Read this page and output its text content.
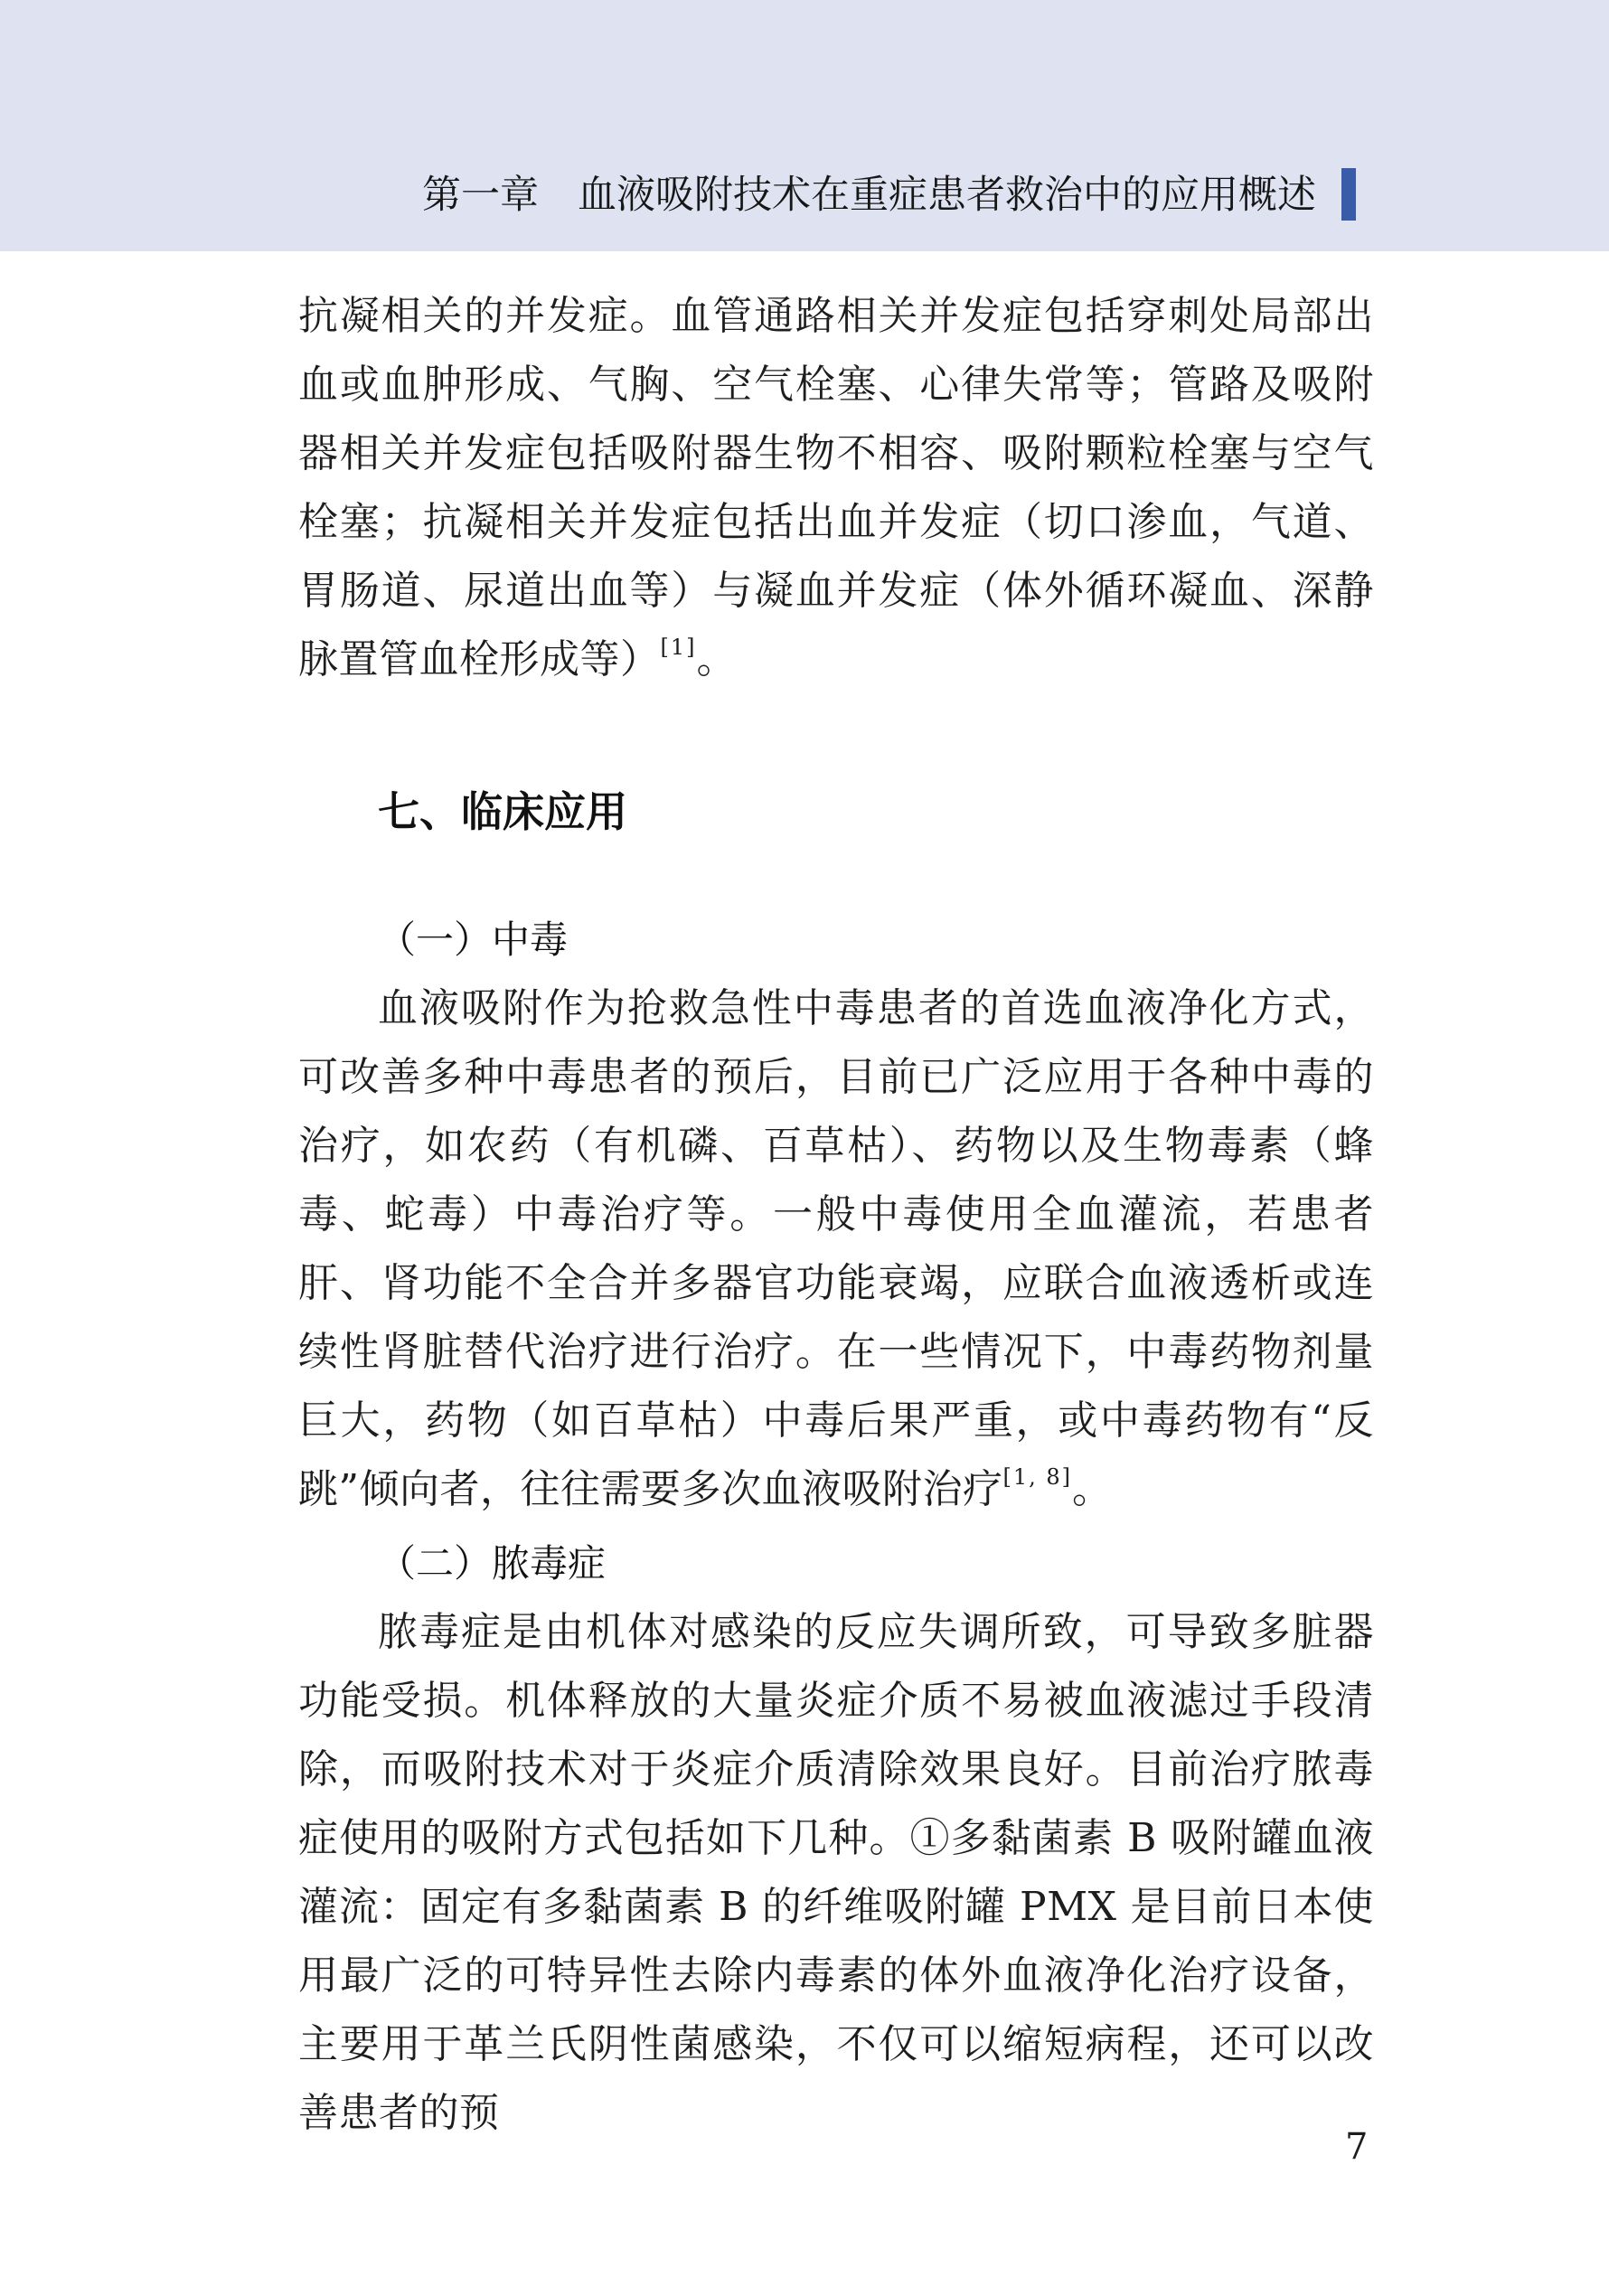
第一章　血液吸附技术在重症患者救治中的应用概述

抗凝相关的并发症。血管通路相关并发症包括穿刺处局部出血或血肿形成、气胸、空气栓塞、心律失常等；管路及吸附器相关并发症包括吸附器生物不相容、吸附颗粒栓塞与空气栓塞；抗凝相关并发症包括出血并发症（切口渗血，气道、胃肠道、尿道出血等）与凝血并发症（体外循环凝血、深静脉置管血栓形成等）[1]。

七、临床应用
（一）中毒

血液吸附作为抢救急性中毒患者的首选血液净化方式，可改善多种中毒患者的预后，目前已广泛应用于各种中毒的治疗，如农药（有机磷、百草枯）、药物以及生物毒素（蜂毒、蛇毒）中毒治疗等。一般中毒使用全血灌流，若患者肝、肾功能不全合并多器官功能衰竭，应联合血液透析或连续性肾脏替代治疗进行治疗。在一些情况下，中毒药物剂量巨大，药物（如百草枯）中毒后果严重，或中毒药物有“反跳”倾向者，往往需要多次血液吸附治疗[1, 8]。

（二）脓毒症

脓毒症是由机体对感染的反应失调所致，可导致多脏器功能受损。机体释放的大量炎症介质不易被血液滤过手段清除，而吸附技术对于炎症介质清除效果良好。目前治疗脓毒症使用的吸附方式包括如下几种。①多黏菌素 B 吸附罐血液灌流：固定有多黏菌素 B 的纤维吸附罐 PMX 是目前日本使用最广泛的可特异性去除内毒素的体外血液净化治疗设备，主要用于革兰氏阴性菌感染，不仅可以缩短病程，还可以改善患者的预

7
